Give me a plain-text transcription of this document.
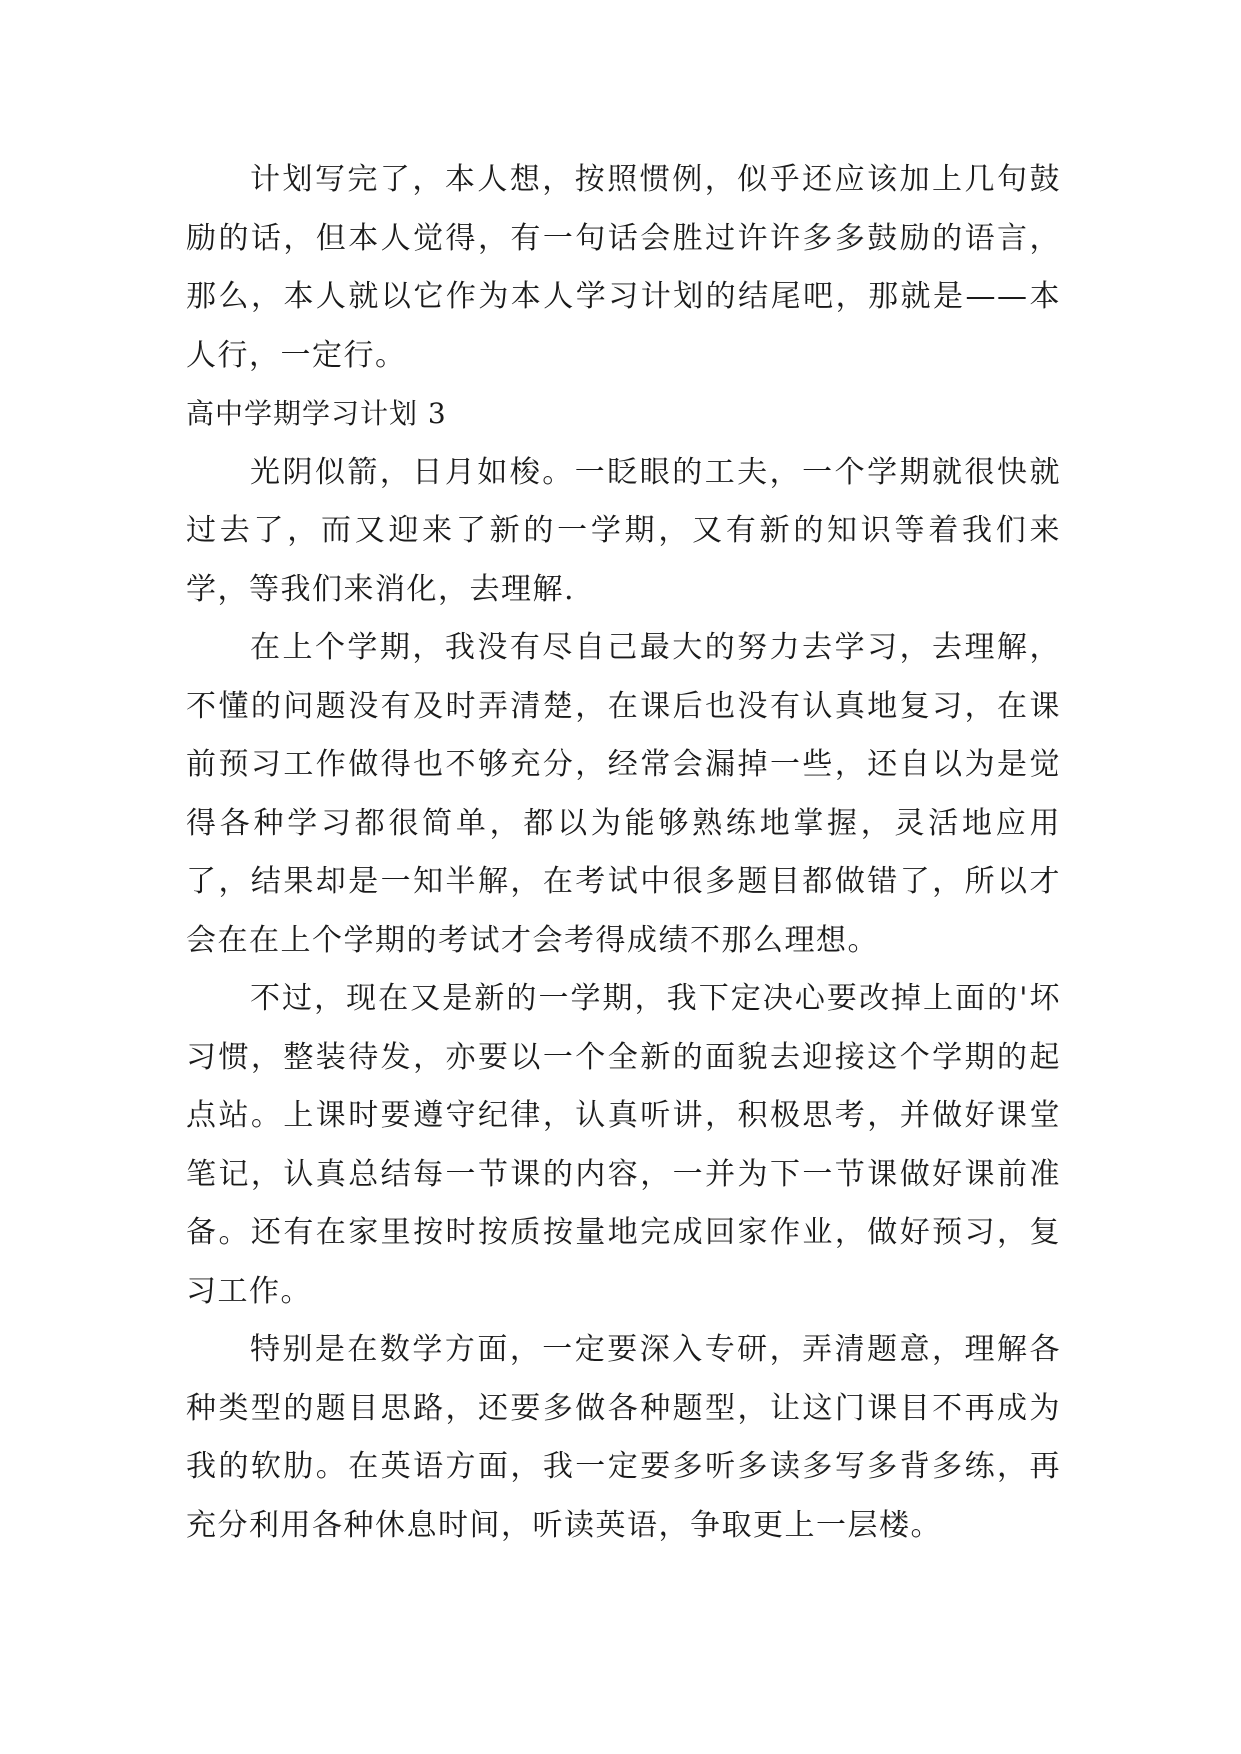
计划写完了，本人想，按照惯例，似乎还应该加上几句鼓励的话，但本人觉得，有一句话会胜过许许多多鼓励的语言，那么，本人就以它作为本人学习计划的结尾吧，那就是——本人行，一定行。

高中学期学习计划 3

光阴似箭，日月如梭。一眨眼的工夫，一个学期就很快就过去了，而又迎来了新的一学期，又有新的知识等着我们来学，等我们来消化，去理解.

在上个学期，我没有尽自己最大的努力去学习，去理解，不懂的问题没有及时弄清楚，在课后也没有认真地复习，在课前预习工作做得也不够充分，经常会漏掉一些，还自以为是觉得各种学习都很简单，都以为能够熟练地掌握，灵活地应用了，结果却是一知半解，在考试中很多题目都做错了，所以才会在在上个学期的考试才会考得成绩不那么理想。

不过，现在又是新的一学期，我下定决心要改掉上面的'坏习惯，整装待发，亦要以一个全新的面貌去迎接这个学期的起点站。上课时要遵守纪律，认真听讲，积极思考，并做好课堂笔记，认真总结每一节课的内容，一并为下一节课做好课前准备。还有在家里按时按质按量地完成回家作业，做好预习，复习工作。

特别是在数学方面，一定要深入专研，弄清题意，理解各种类型的题目思路，还要多做各种题型，让这门课目不再成为我的软肋。在英语方面，我一定要多听多读多写多背多练，再充分利用各种休息时间，听读英语，争取更上一层楼。
